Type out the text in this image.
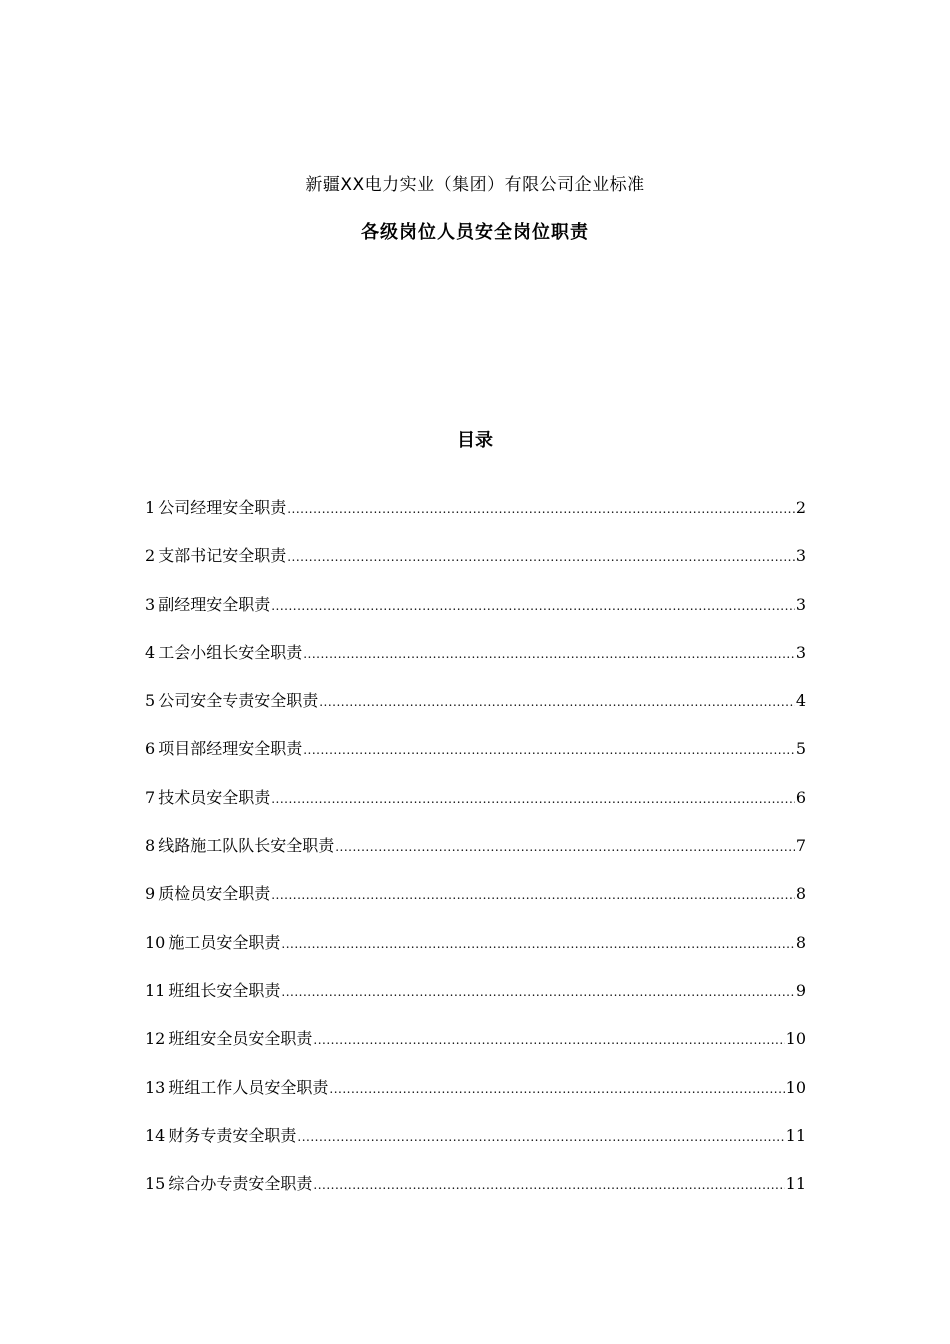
新疆XX电力实业（集团）有限公司企业标准
各级岗位人员安全岗位职责
目录
1 公司经理安全职责 .....	2
2 支部书记安全职责 .....	3
3 副经理安全职责 .....	3
4 工会小组长安全职责 .....	3
5 公司安全专责安全职责 .....	4
6 项目部经理安全职责 .....	5
7 技术员安全职责 .....	6
8 线路施工队队长安全职责 .....	7
9 质检员安全职责 .....	8
10 施工员安全职责 .....	8
11 班组长安全职责 .....	9
12 班组安全员安全职责 .....	10
13 班组工作人员安全职责 .....	10
14 财务专责安全职责 .....	11
15 综合办专责安全职责 .....	11
